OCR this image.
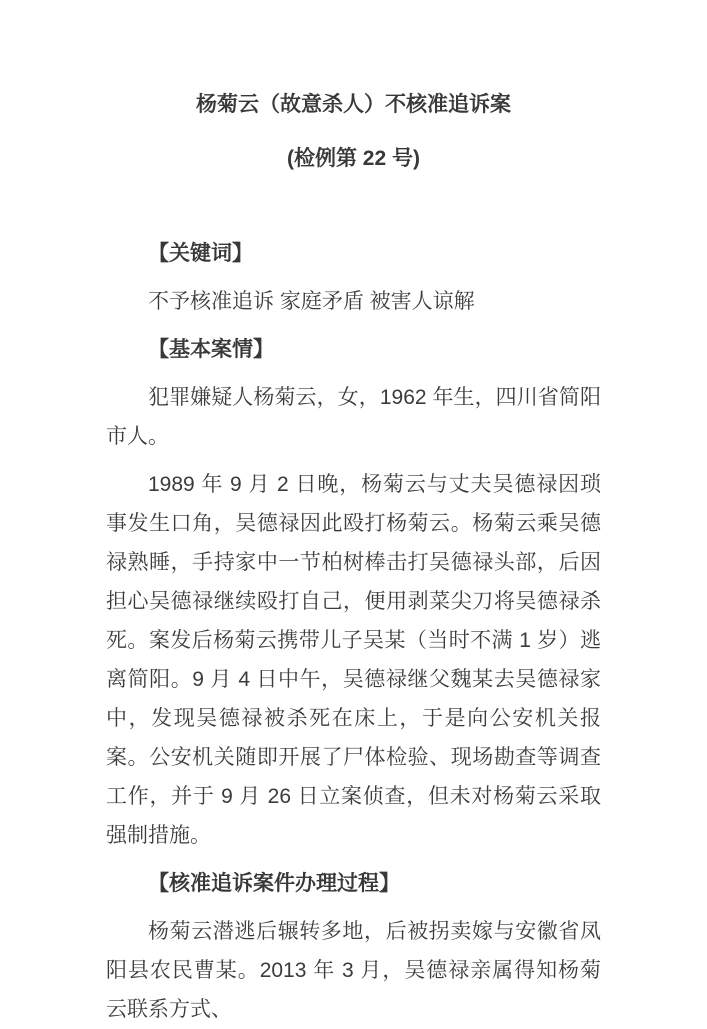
杨菊云（故意杀人）不核准追诉案
(检例第 22 号)
【关键词】

不予核准追诉 家庭矛盾 被害人谅解

【基本案情】

犯罪嫌疑人杨菊云，女，1962 年生，四川省简阳市人。

1989 年 9 月 2 日晚，杨菊云与丈夫吴德禄因琐事发生口角，吴德禄因此殴打杨菊云。杨菊云乘吴德禄熟睡，手持家中一节柏树棒击打吴德禄头部，后因担心吴德禄继续殴打自己，便用剥菜尖刀将吴德禄杀死。案发后杨菊云携带儿子吴某（当时不满 1 岁）逃离简阳。9 月 4 日中午，吴德禄继父魏某去吴德禄家中，发现吴德禄被杀死在床上，于是向公安机关报案。公安机关随即开展了尸体检验、现场勘查等调查工作，并于 9 月 26 日立案侦查，但未对杨菊云采取强制措施。

【核准追诉案件办理过程】

杨菊云潜逃后辗转多地，后被拐卖嫁与安徽省凤阳县农民曹某。2013 年 3 月，吴德禄亲属得知杨菊云联系方式、
